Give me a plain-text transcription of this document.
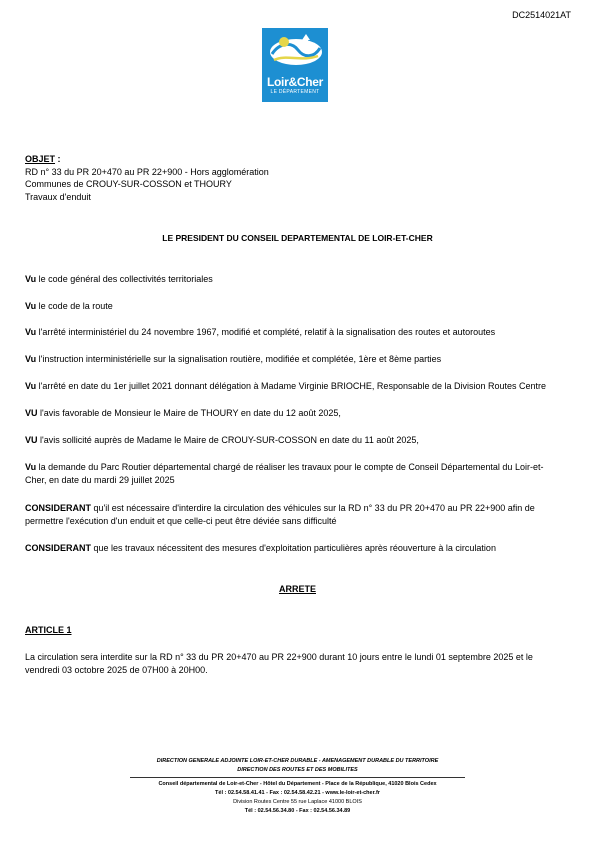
DC2514021AT
Loir&Cher
LE DÉPARTEMENT
OBJET :
RD n° 33 du PR 20+470 au PR 22+900 - Hors agglomération
Communes de CROUY-SUR-COSSON et THOURY
Travaux d'enduit
LE PRESIDENT DU CONSEIL DEPARTEMENTAL DE LOIR-ET-CHER
Vu le code général des collectivités territoriales
Vu le code de la route
Vu l'arrêté interministériel du 24 novembre 1967, modifié et complété, relatif à la signalisation des routes et autoroutes
Vu l'instruction interministérielle sur la signalisation routière, modifiée et complétée, 1ère et 8ème parties
Vu l'arrêté en date du 1er juillet 2021 donnant délégation à Madame Virginie BRIOCHE, Responsable de la Division Routes Centre
VU l'avis favorable de Monsieur le Maire de THOURY en date du 12 août 2025,
VU l'avis sollicité auprès de Madame le Maire de CROUY-SUR-COSSON en date du 11 août 2025,
Vu la demande du Parc Routier départemental chargé de réaliser les travaux pour le compte de Conseil Départemental du Loir-et-Cher, en date du mardi 29 juillet 2025
CONSIDERANT qu'il est nécessaire d'interdire la circulation des véhicules sur la RD n° 33 du PR 20+470 au PR 22+900 afin de permettre l'exécution d'un enduit et que celle-ci peut être déviée sans difficulté
CONSIDERANT que les travaux nécessitent des mesures d'exploitation particulières après réouverture à la circulation
ARRETE
ARTICLE 1
La circulation sera interdite sur la RD n° 33 du PR 20+470 au PR 22+900 durant 10 jours entre le lundi 01 septembre 2025 et le vendredi 03 octobre 2025 de 07H00 à 20H00.
DIRECTION GENERALE ADJOINTE LOIR-ET-CHER DURABLE - AMENAGEMENT DURABLE DU TERRITOIRE
DIRECTION DES ROUTES ET DES MOBILITES
Conseil départemental de Loir-et-Cher - Hôtel du Département - Place de la République, 41020 Blois Cedex
Tél : 02.54.58.41.41 - Fax : 02.54.58.42.21 - www.le-loir-et-cher.fr
Division Routes Centre 55 rue Laplace 41000 BLOIS
Tél : 02.54.56.34.80 - Fax : 02.54.56.34.89
